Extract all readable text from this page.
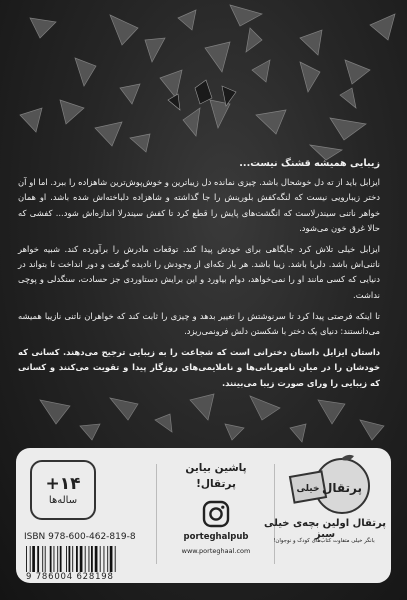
زیبایی همیشه قشنگ نیست...

ایزابل باید از ته دل خوشحال باشد. چیزی نمانده دل زیباترین و خوش‌پوش‌ترین شاهزاده را ببرد. اما او آن دختر زیبارویی نیست که لنگه‌کفش بلورینش را جا گذاشته و شاهزاده دلباخته‌اش شده باشد. او همان خواهر ناتنی سیندرلاست که انگشت‌های پایش را قطع کرد تا کفش سیندرلا اندازه‌اش شود... کفشی که حالا غرق خون می‌شود.

ایزابل خیلی تلاش کرد جایگاهی برای خودش پیدا کند. توقعات مادرش را برآورده کند. شبیه خواهر ناتنی‌اش باشد. دلربا باشد. زیبا باشد. هر بار تکه‌ای از وجودش را نادیده گرفت و دور انداخت تا بتواند در دنیایی که کسی مانند او را نمی‌خواهد، دوام بیاورد و این برایش دستاوردی جز حسادت، سنگدلی و پوچی نداشت.

تا اینکه فرصتی پیدا کرد تا سرنوشتش را تغییر بدهد و چیزی را ثابت کند که خواهران ناتنی نازیبا همیشه می‌دانستند: دنیای یک دختر با شکستن دلش فرونمی‌ریزد.

داستان ایزابل داستان دخترانی است که شجاعت را به زیبایی ترجیح می‌دهند. کسانی که خودشان را در میان نامهربانی‌ها و ناملایمی‌های روزگار پیدا و تقویت می‌کنند و کسانی که زیبایی را ورای صورت زیبا می‌بینند.

+۱۴
ساله‌ها
ISBN 978-600-462-819-8
9 786004 628198
پاشین بیاین پرتقال!
porteghalpub
www.porteghaal.com
پرتقال
خیلی
پرتقال اولین بچه‌ی خیلی سبز
بانگر خیلی متفاوت کتاب‌های کودک و نوجوان!
